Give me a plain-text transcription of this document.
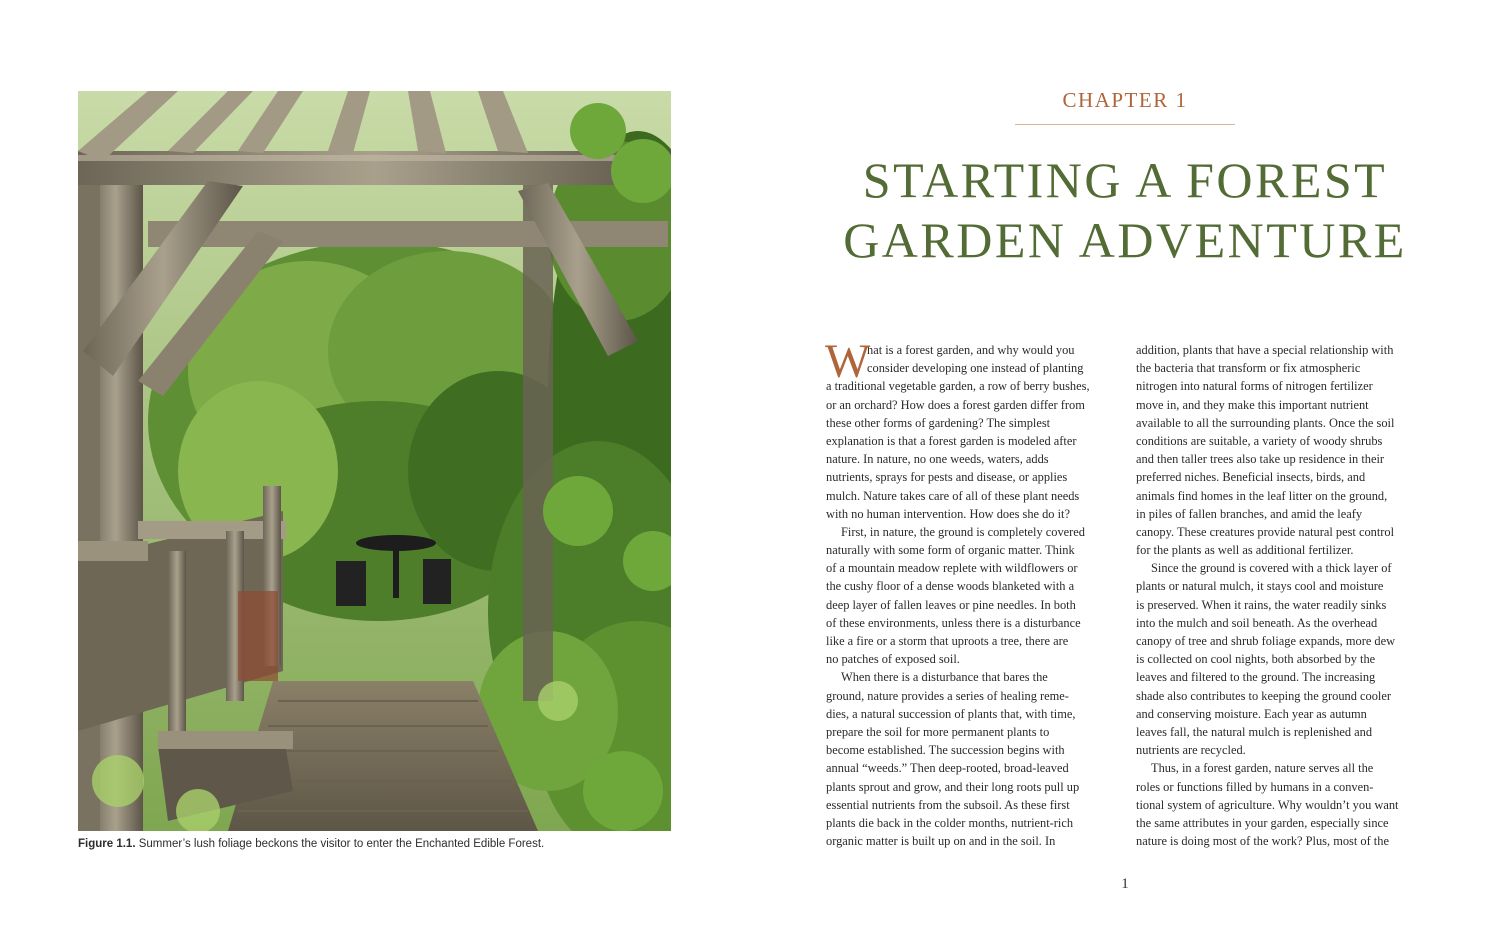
Figure 1.1. Summer’s lush foliage beckons the visitor to enter the Enchanted Edible Forest.
CHAPTER 1
STARTING A FOREST
GARDEN ADVENTURE
W
hat is a forest garden, and why would you
consider developing one instead of planting
a traditional vegetable garden, a row of berry bushes,
or an orchard? How does a forest garden differ from
these other forms of gardening? The simplest
explanation is that a forest garden is modeled after
nature. In nature, no one weeds, waters, adds
nutrients, sprays for pests and disease, or applies
mulch. Nature takes care of all of these plant needs
with no human intervention. How does she do it?
First, in nature, the ground is completely covered
naturally with some form of organic matter. Think
of a mountain meadow replete with wildflowers or
the cushy floor of a dense woods blanketed with a
deep layer of fallen leaves or pine needles. In both
of these environments, unless there is a disturbance
like a fire or a storm that uproots a tree, there are
no patches of exposed soil.
When there is a disturbance that bares the
ground, nature provides a series of healing reme-
dies, a natural succession of plants that, with time,
prepare the soil for more permanent plants to
become established. The succession begins with
annual “weeds.” Then deep-rooted, broad-leaved
plants sprout and grow, and their long roots pull up
essential nutrients from the subsoil. As these first
plants die back in the colder months, nutrient-rich
organic matter is built up on and in the soil. In
addition, plants that have a special relationship with
the bacteria that transform or fix atmospheric
nitrogen into natural forms of nitrogen fertilizer
move in, and they make this important nutrient
available to all the surrounding plants. Once the soil
conditions are suitable, a variety of woody shrubs
and then taller trees also take up residence in their
preferred niches. Beneficial insects, birds, and
animals find homes in the leaf litter on the ground,
in piles of fallen branches, and amid the leafy
canopy. These creatures provide natural pest control
for the plants as well as additional fertilizer.
Since the ground is covered with a thick layer of
plants or natural mulch, it stays cool and moisture
is preserved. When it rains, the water readily sinks
into the mulch and soil beneath. As the overhead
canopy of tree and shrub foliage expands, more dew
is collected on cool nights, both absorbed by the
leaves and filtered to the ground. The increasing
shade also contributes to keeping the ground cooler
and conserving moisture. Each year as autumn
leaves fall, the natural mulch is replenished and
nutrients are recycled.
Thus, in a forest garden, nature serves all the
roles or functions filled by humans in a conven-
tional system of agriculture. Why wouldn’t you want
the same attributes in your garden, especially since
nature is doing most of the work? Plus, most of the
1
